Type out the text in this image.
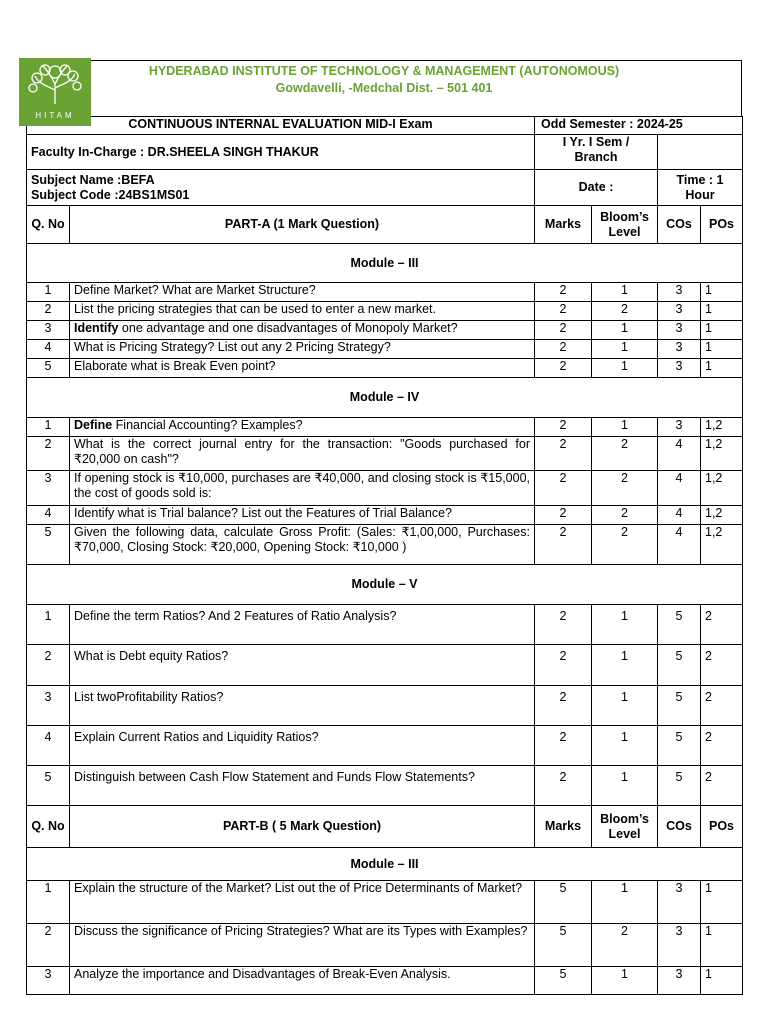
HITAM
HYDERABAD INSTITUTE OF TECHNOLOGY & MANAGEMENT (AUTONOMOUS)
Gowdavelli, -Medchal Dist. – 501 401
CONTINUOUS INTERNAL EVALUATION MID-I Exam		Odd Semester : 2024-25			
Faculty In-Charge : DR.SHEELA SINGH THAKUR		I Yr. I Sem / Branch			

Subject Name :BEFA
Subject Code :24BS1MS01		Date :		Time : 1 Hour	
Q. No	PART-A (1 Mark Question)	Marks	Bloom’s Level	COs	POs
Module – III					
1	Define Market? What are Market Structure?	2	1	3	1
2	List the pricing strategies that can be used to enter a new market.	2	2	3	1
3	Identify one advantage and one disadvantages of Monopoly Market?	2	1	3	1
4	What is Pricing Strategy? List out any 2 Pricing Strategy?	2	1	3	1
5	Elaborate what is Break Even point?	2	1	3	1
Module – IV					
1	Define Financial Accounting? Examples?	2	1	3	1,2
2	What is the correct journal entry for the transaction: "Goods purchased for ₹20,000 on cash"?	2	2	4	1,2
3	If opening stock is ₹10,000, purchases are ₹40,000, and closing stock is ₹15,000, the cost of goods sold is:	2	2	4	1,2
4	Identify what is Trial balance? List out the Features of Trial Balance?	2	2	4	1,2
5	Given the following data, calculate Gross Profit: (Sales: ₹1,00,000, Purchases: ₹70,000, Closing Stock: ₹20,000, Opening Stock: ₹10,000 )	2	2	4	1,2
Module – V					
1	Define the term Ratios? And 2 Features of Ratio Analysis?	2	1	5	2
2	What is Debt equity Ratios?	2	1	5	2
3	List twoProfitability Ratios?	2	1	5	2
4	Explain Current Ratios and Liquidity Ratios?	2	1	5	2
5	Distinguish between Cash Flow Statement and Funds Flow Statements?	2	1	5	2
Q. No	PART-B ( 5 Mark Question)	Marks	Bloom’s Level	COs	POs
Module – III					
1	Explain the structure of the Market? List out the of Price Determinants of Market?	5	1	3	1
2	Discuss the significance of Pricing Strategies? What are its Types with Examples?	5	2	3	1
3	Analyze the importance and Disadvantages of Break-Even Analysis.	5	1	3	1
